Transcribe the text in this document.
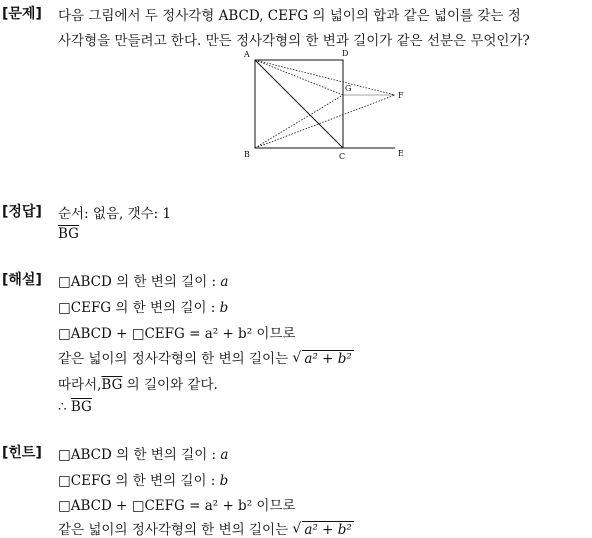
[문제] 다음 그림에서 두 정사각형 ABCD, CEFG 의 넓이의 합과 같은 넓이를 갖는 정
사각형을 만들려고 한다. 만든 정사각형의 한 변과 길이가 같은 선분은 무엇인가?
A	D
G
F
B	C	E
[정답] 순서: 없음, 갯수: 1
$\overline{BG}$
[해설] □ABCD 의 한 변의 길이 : a
□CEFG 의 한 변의 길이 : b
□ABCD + □CEFG = a² + b² 이므로
같은 넓이의 정사각형의 한 변의 길이는 √ a² + b²
따라서$,\overline{BG}$ 의 길이와 같다.
∴ $\overline{BG}$
[힌트] □ABCD 의 한 변의 길이 : a
□CEFG 의 한 변의 길이 : b
□ABCD + □CEFG = a² + b² 이므로
같은 넓이의 정사각형의 한 변의 길이는 √ a² + b²
